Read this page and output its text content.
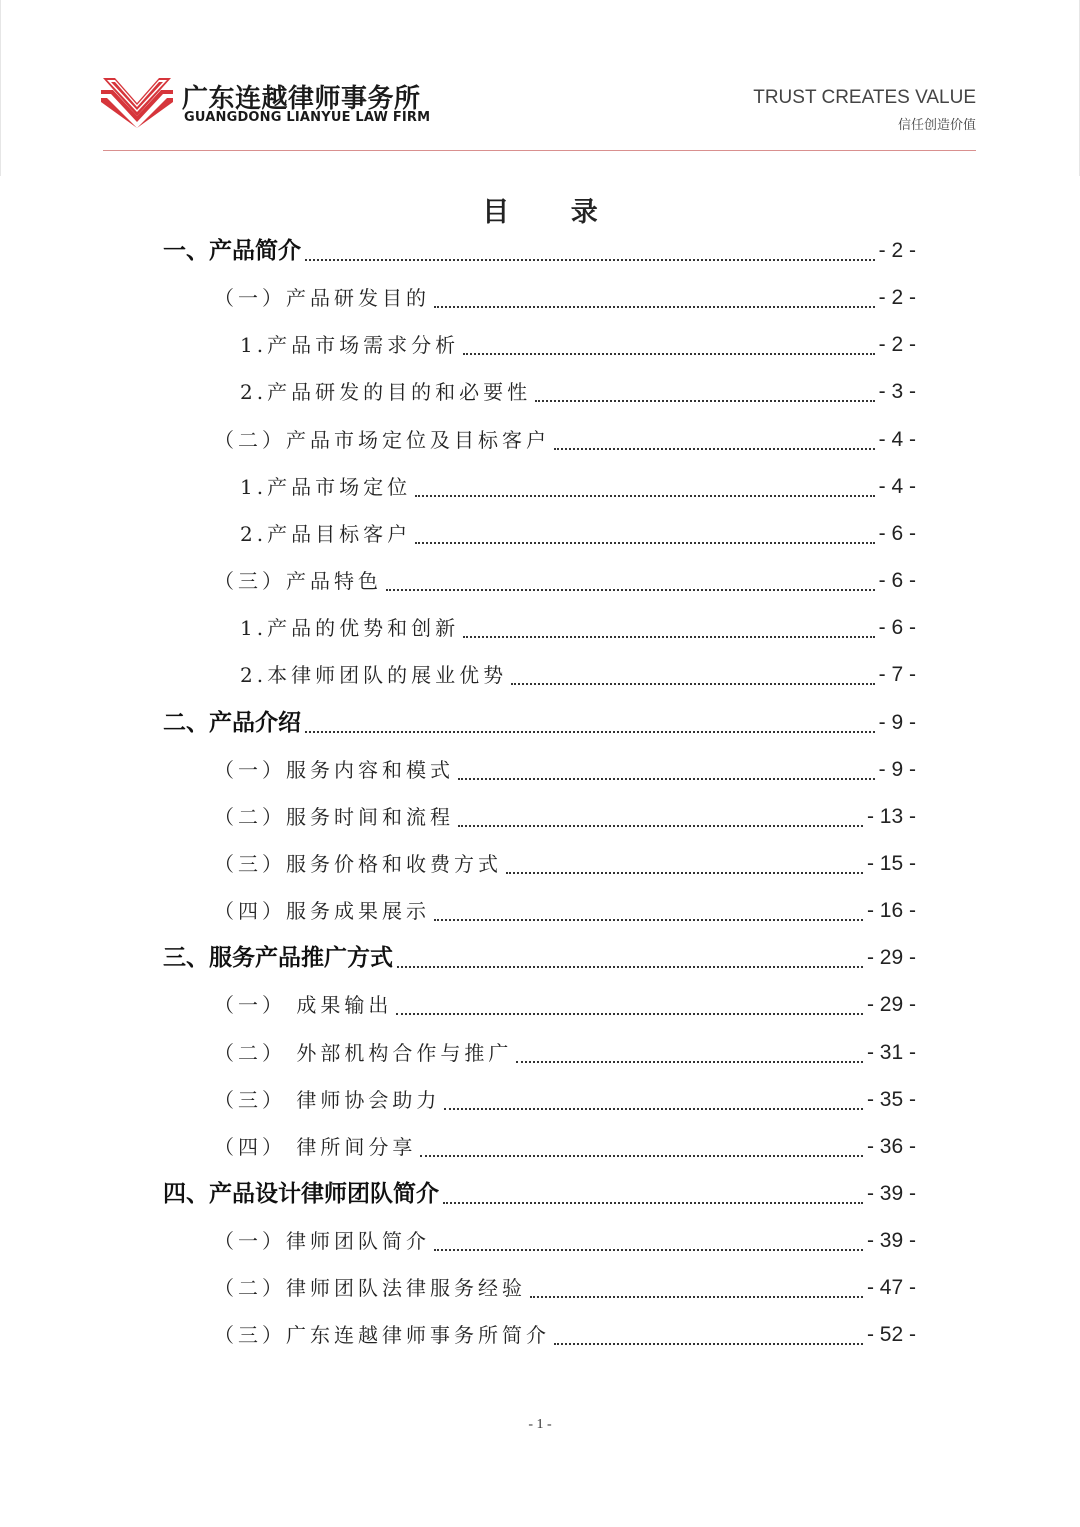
广东连越律师事务所
GUANGDONG LIANYUE LAW FIRM
TRUST CREATES VALUE
信任创造价值
目 录
一、产品简介	- 2 -
（一）产品研发目的	- 2 -
1.产品市场需求分析	- 2 -
2.产品研发的目的和必要性	- 3 -
（二）产品市场定位及目标客户	- 4 -
1.产品市场定位	- 4 -
2.产品目标客户	- 6 -
（三）产品特色	- 6 -
1.产品的优势和创新	- 6 -
2.本律师团队的展业优势	- 7 -
二、产品介绍	- 9 -
（一）服务内容和模式	- 9 -
（二）服务时间和流程	- 13 -
（三）服务价格和收费方式	- 15 -
（四）服务成果展示	- 16 -
三、服务产品推广方式	- 29 -
（一） 成果输出	- 29 -
（二） 外部机构合作与推广	- 31 -
（三） 律师协会助力	- 35 -
（四） 律所间分享	- 36 -
四、产品设计律师团队简介	- 39 -
（一）律师团队简介	- 39 -
（二）律师团队法律服务经验	- 47 -
（三）广东连越律师事务所简介	- 52 -
- 1 -
